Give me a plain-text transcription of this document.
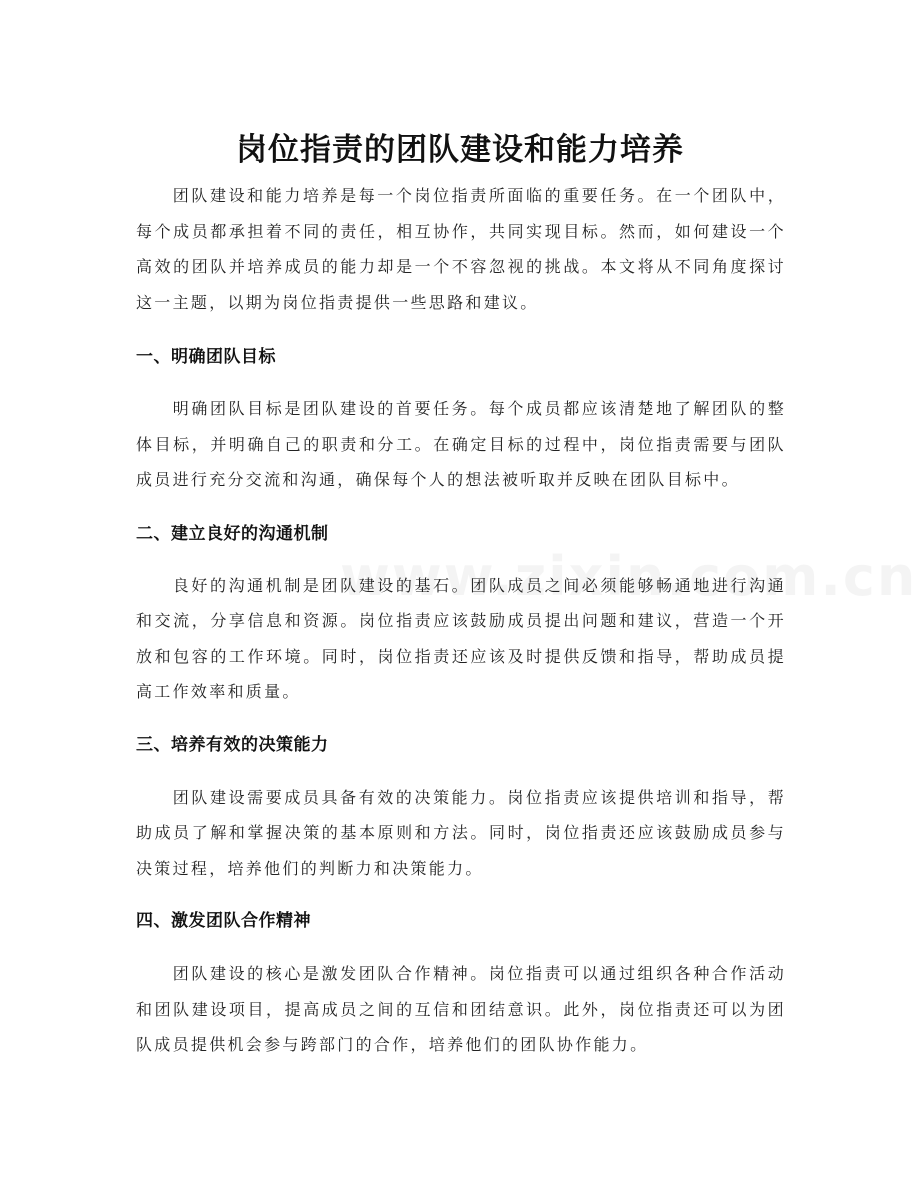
岗位指责的团队建设和能力培养

团队建设和能力培养是每一个岗位指责所面临的重要任务。在一个团队中，每个成员都承担着不同的责任，相互协作，共同实现目标。然而，如何建设一个高效的团队并培养成员的能力却是一个不容忽视的挑战。本文将从不同角度探讨这一主题，以期为岗位指责提供一些思路和建议。

一、明确团队目标

明确团队目标是团队建设的首要任务。每个成员都应该清楚地了解团队的整体目标，并明确自己的职责和分工。在确定目标的过程中，岗位指责需要与团队成员进行充分交流和沟通，确保每个人的想法被听取并反映在团队目标中。

二、建立良好的沟通机制

良好的沟通机制是团队建设的基石。团队成员之间必须能够畅通地进行沟通和交流，分享信息和资源。岗位指责应该鼓励成员提出问题和建议，营造一个开放和包容的工作环境。同时，岗位指责还应该及时提供反馈和指导，帮助成员提高工作效率和质量。

三、培养有效的决策能力

团队建设需要成员具备有效的决策能力。岗位指责应该提供培训和指导，帮助成员了解和掌握决策的基本原则和方法。同时，岗位指责还应该鼓励成员参与决策过程，培养他们的判断力和决策能力。

四、激发团队合作精神

团队建设的核心是激发团队合作精神。岗位指责可以通过组织各种合作活动和团队建设项目，提高成员之间的互信和团结意识。此外，岗位指责还可以为团队成员提供机会参与跨部门的合作，培养他们的团队协作能力。
